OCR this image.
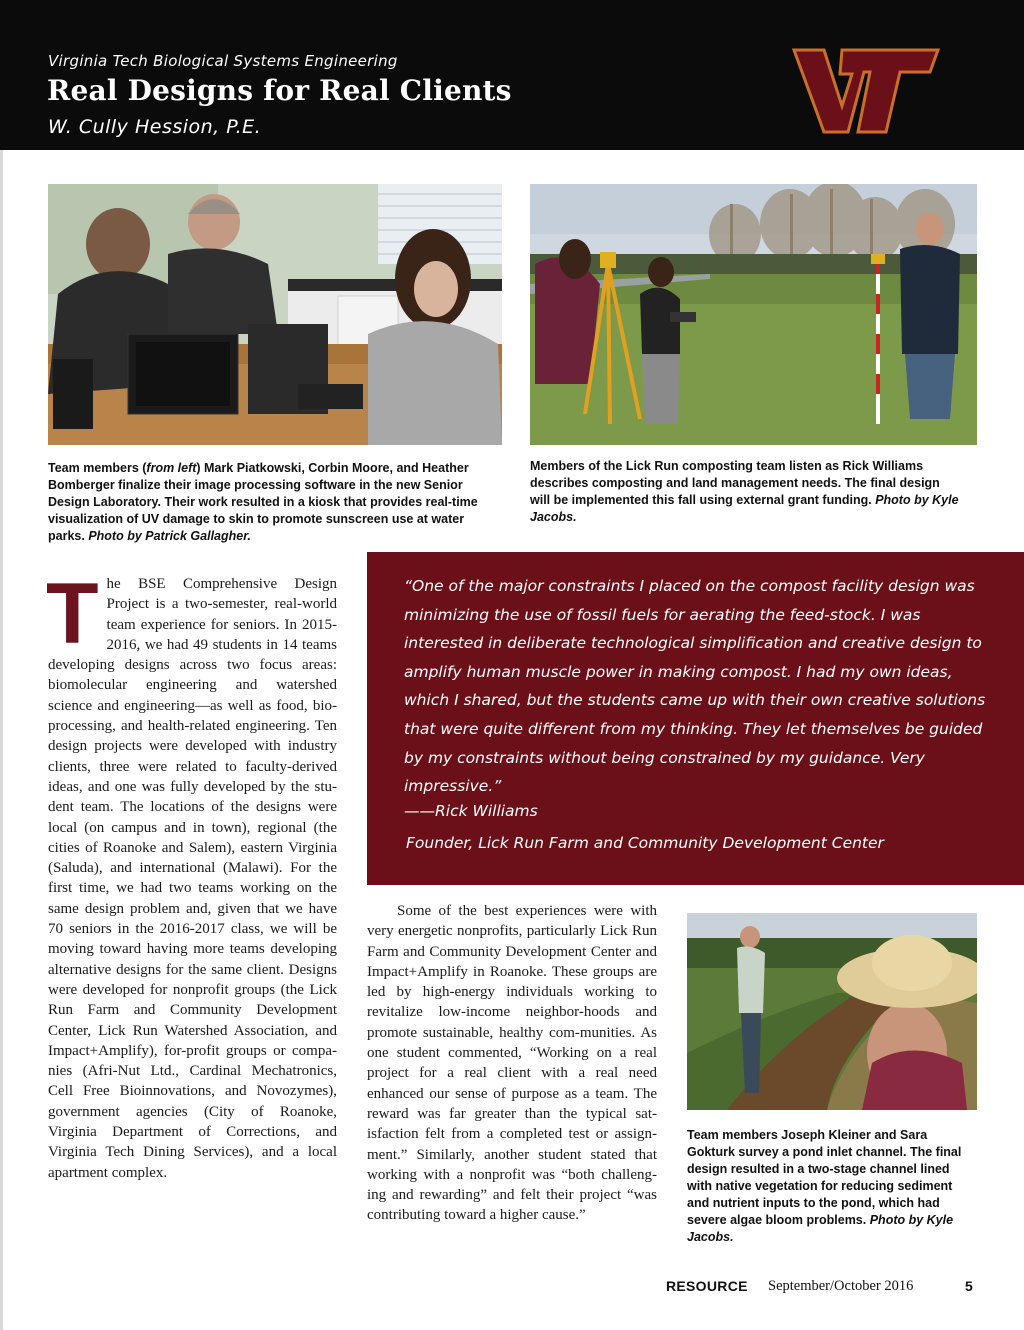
Virginia Tech Biological Systems Engineering
Real Designs for Real Clients
W. Cully Hession, P.E.
Team members (from left) Mark Piatkowski, Corbin Moore, and Heather Bomberger finalize their image processing software in the new Senior Design Laboratory. Their work resulted in a kiosk that provides real-time visualization of UV damage to skin to promote sunscreen use at water parks. Photo by Patrick Gallagher.
Members of the Lick Run composting team listen as Rick Williams describes composting and land management needs. The final design will be implemented this fall using external grant funding. Photo by Kyle Jacobs.
The BSE Comprehensive Design Project is a two-semester, real-world team experience for seniors. In 2015-2016, we had 49 students in 14 teams developing designs across two focus areas: biomolecular engineering and watershed science and engineering—as well as food, bio-processing, and health-related engineering. Ten design projects were developed with industry clients, three were related to faculty-derived ideas, and one was fully developed by the stu-dent team. The locations of the designs were local (on campus and in town), regional (the cities of Roanoke and Salem), eastern Virginia (Saluda), and international (Malawi). For the first time, we had two teams working on the same design problem and, given that we have 70 seniors in the 2016-2017 class, we will be moving toward having more teams developing alternative designs for the same client. Designs were developed for nonprofit groups (the Lick Run Farm and Community Development Center, Lick Run Watershed Association, and Impact+Amplify), for-profit groups or compa-nies (Afri-Nut Ltd., Cardinal Mechatronics, Cell Free Bioinnovations, and Novozymes), government agencies (City of Roanoke, Virginia Department of Corrections, and Virginia Tech Dining Services), and a local apartment complex.
“One of the major constraints I placed on the compost facility design was minimizing the use of fossil fuels for aerating the feed-stock. I was interested in deliberate technological simplification and creative design to amplify human muscle power in making compost. I had my own ideas, which I shared, but the students came up with their own creative solutions that were quite different from my thinking. They let themselves be guided by my constraints without being constrained by my guidance. Very impressive.”
——Rick Williams
Founder, Lick Run Farm and Community Development Center
Some of the best experiences were with very energetic nonprofits, particularly Lick Run Farm and Community Development Center and Impact+Amplify in Roanoke. These groups are led by high-energy individuals working to revitalize low-income neighbor-hoods and promote sustainable, healthy com-munities. As one student commented, “Working on a real project for a real client with a real need enhanced our sense of purpose as a team. The reward was far greater than the typical sat-isfaction felt from a completed test or assign-ment.” Similarly, another student stated that working with a nonprofit was “both challeng-ing and rewarding” and felt their project “was contributing toward a higher cause.”
Team members Joseph Kleiner and Sara Gokturk survey a pond inlet channel. The final design resulted in a two-stage channel lined with native vegetation for reducing sediment and nutrient inputs to the pond, which had severe algae bloom problems. Photo by Kyle Jacobs.
RESOURCE September/October 2016	5
